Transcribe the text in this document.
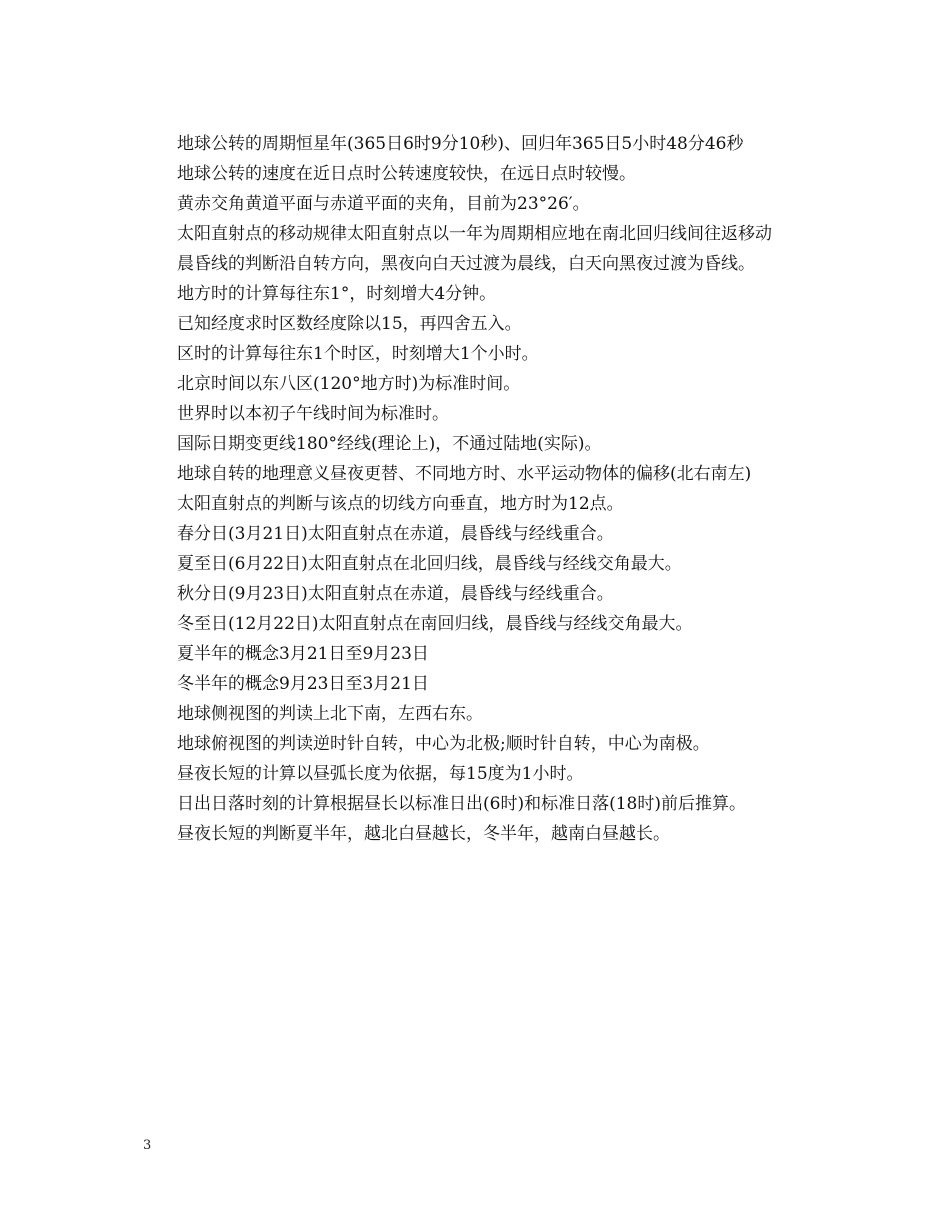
地球公转的周期恒星年(365日6时9分10秒)、回归年365日5小时48分46秒

地球公转的速度在近日点时公转速度较快，在远日点时较慢。

黄赤交角黄道平面与赤道平面的夹角，目前为23°26′。

太阳直射点的移动规律太阳直射点以一年为周期相应地在南北回归线间往返移动

晨昏线的判断沿自转方向，黑夜向白天过渡为晨线，白天向黑夜过渡为昏线。

地方时的计算每往东1°，时刻增大4分钟。

已知经度求时区数经度除以15，再四舍五入。

区时的计算每往东1个时区，时刻增大1个小时。

北京时间以东八区(120°地方时)为标准时间。

世界时以本初子午线时间为标准时。

国际日期变更线180°经线(理论上)，不通过陆地(实际)。

地球自转的地理意义昼夜更替、不同地方时、水平运动物体的偏移(北右南左)

太阳直射点的判断与该点的切线方向垂直，地方时为12点。

春分日(3月21日)太阳直射点在赤道，晨昏线与经线重合。

夏至日(6月22日)太阳直射点在北回归线，晨昏线与经线交角最大。

秋分日(9月23日)太阳直射点在赤道，晨昏线与经线重合。

冬至日(12月22日)太阳直射点在南回归线，晨昏线与经线交角最大。

夏半年的概念3月21日至9月23日

冬半年的概念9月23日至3月21日

地球侧视图的判读上北下南，左西右东。

地球俯视图的判读逆时针自转，中心为北极;顺时针自转，中心为南极。

昼夜长短的计算以昼弧长度为依据，每15度为1小时。

日出日落时刻的计算根据昼长以标准日出(6时)和标准日落(18时)前后推算。

昼夜长短的判断夏半年，越北白昼越长，冬半年，越南白昼越长。

3
